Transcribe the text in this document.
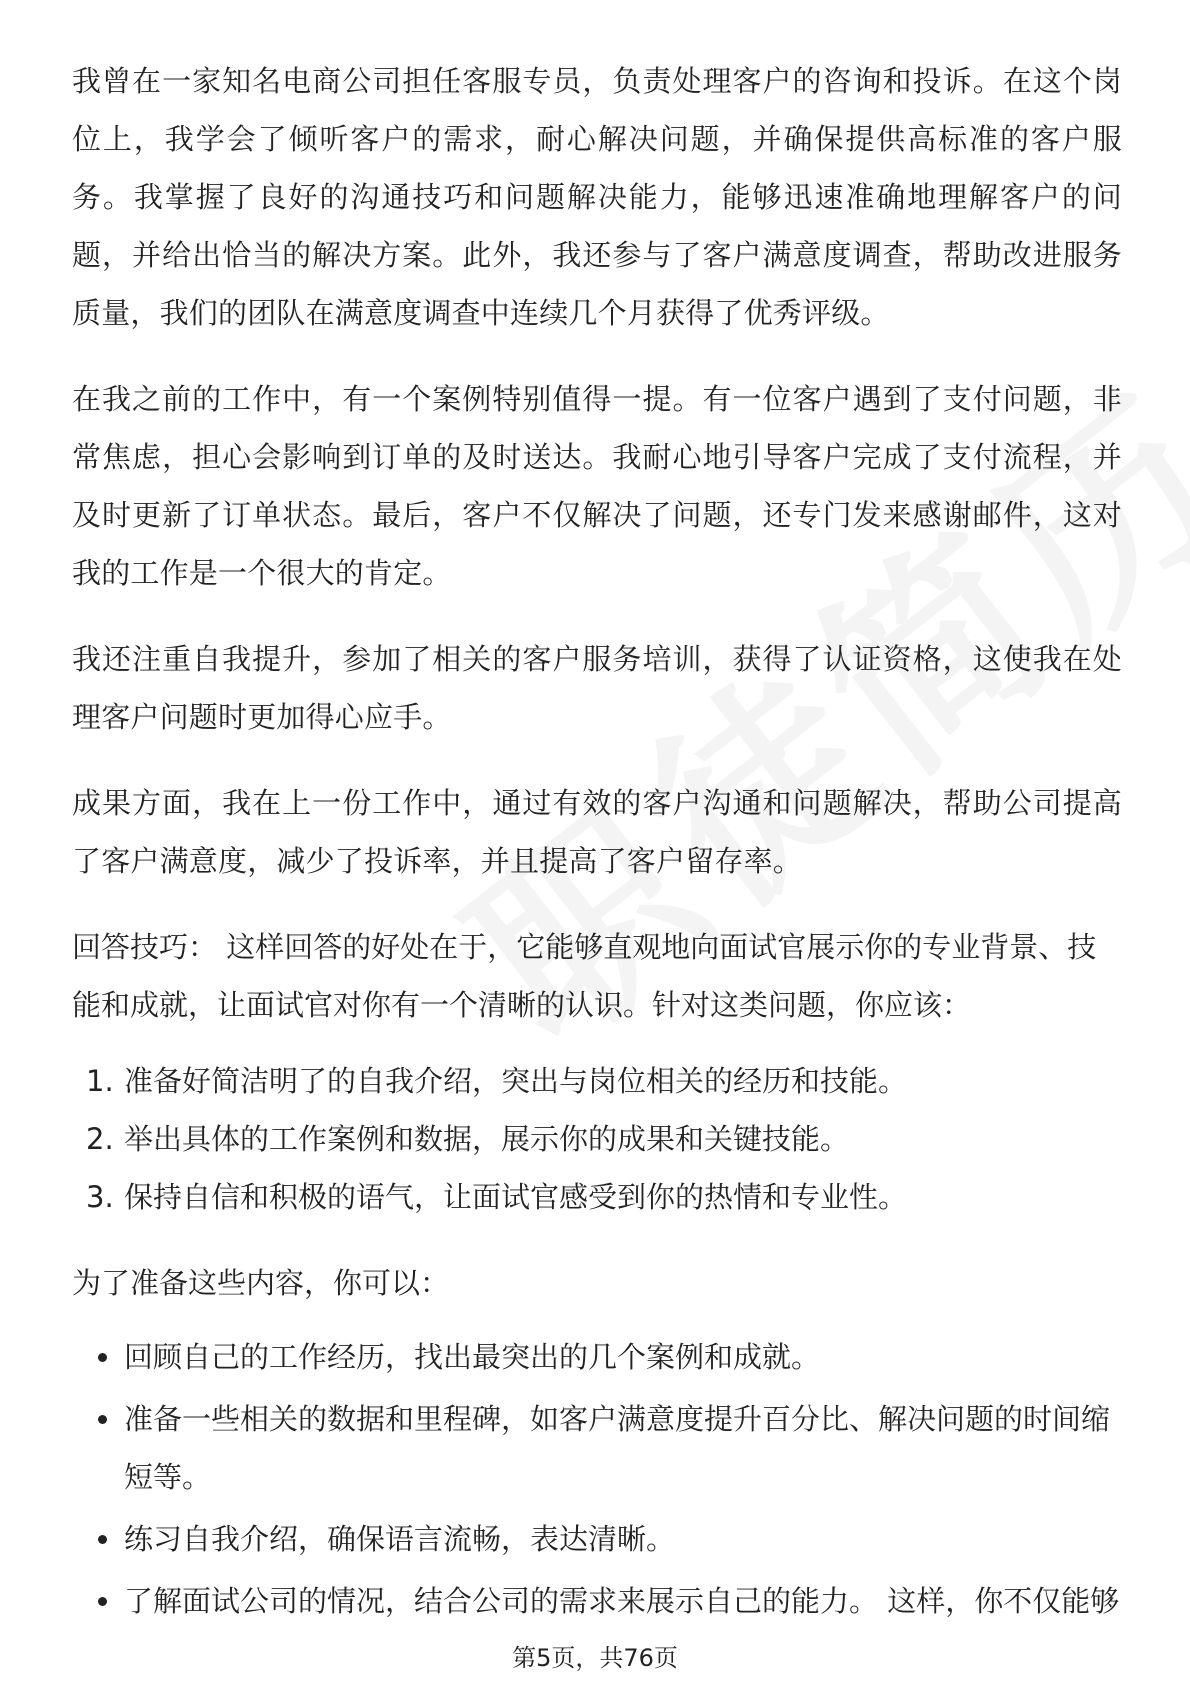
我曾在一家知名电商公司担任客服专员，负责处理客户的咨询和投诉。在这个岗位上，我学会了倾听客户的需求，耐心解决问题，并确保提供高标准的客户服务。我掌握了良好的沟通技巧和问题解决能力，能够迅速准确地理解客户的问题，并给出恰当的解决方案。此外，我还参与了客户满意度调查，帮助改进服务质量，我们的团队在满意度调查中连续几个月获得了优秀评级。

在我之前的工作中，有一个案例特别值得一提。有一位客户遇到了支付问题，非常焦虑，担心会影响到订单的及时送达。我耐心地引导客户完成了支付流程，并及时更新了订单状态。最后，客户不仅解决了问题，还专门发来感谢邮件，这对我的工作是一个很大的肯定。

我还注重自我提升，参加了相关的客户服务培训，获得了认证资格，这使我在处理客户问题时更加得心应手。

成果方面，我在上一份工作中，通过有效的客户沟通和问题解决，帮助公司提高了客户满意度，减少了投诉率，并且提高了客户留存率。

回答技巧： 这样回答的好处在于，它能够直观地向面试官展示你的专业背景、技能和成就，让面试官对你有一个清晰的认识。针对这类问题，你应该：

1. 准备好简洁明了的自我介绍，突出与岗位相关的经历和技能。
2. 举出具体的工作案例和数据，展示你的成果和关键技能。
3. 保持自信和积极的语气，让面试官感受到你的热情和专业性。

为了准备这些内容，你可以：

回顾自己的工作经历，找出最突出的几个案例和成就。
准备一些相关的数据和里程碑，如客户满意度提升百分比、解决问题的时间缩短等。
练习自我介绍，确保语言流畅，表达清晰。
了解面试公司的情况，结合公司的需求来展示自己的能力。 这样，你不仅能够
第5页，共76页
